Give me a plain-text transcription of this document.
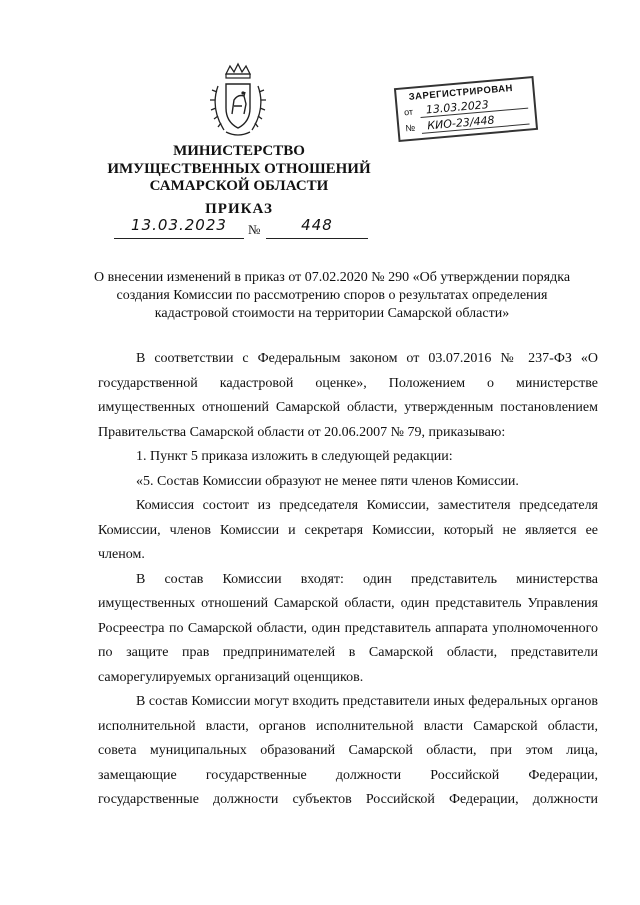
ЗАРЕГИСТРИРОВАН
от	13.03.2023
№	КИО-23/448
МИНИСТЕРСТВО
ИМУЩЕСТВЕННЫХ ОТНОШЕНИЙ
САМАРСКОЙ ОБЛАСТИ
ПРИКАЗ
13.03.2023	№	448
О внесении изменений в приказ от 07.02.2020 № 290 «Об утверждении порядка
создания Комиссии по рассмотрению споров о результатах определения
кадастровой стоимости на территории Самарской области»

В соответствии с Федеральным законом от 03.07.2016 № 237-ФЗ «О государственной кадастровой оценке», Положением о министерстве имущественных отношений Самарской области, утвержденным постановлением Правительства Самарской области от 20.06.2007 № 79, приказываю:

1. Пункт 5 приказа изложить в следующей редакции:

«5. Состав Комиссии образуют не менее пяти членов Комиссии.

Комиссия состоит из председателя Комиссии, заместителя председателя Комиссии, членов Комиссии и секретаря Комиссии, который не является ее членом.

В состав Комиссии входят: один представитель министерства имущественных отношений Самарской области, один представитель Управления Росреестра по Самарской области, один представитель аппарата уполномоченного по защите прав предпринимателей в Самарской области, представители саморегулируемых организаций оценщиков.

В состав Комиссии могут входить представители иных федеральных органов исполнительной власти, органов исполнительной власти Самарской области, совета муниципальных образований Самарской области, при этом лица, замещающие государственные должности Российской Федерации, государственные должности субъектов Российской Федерации, должности
